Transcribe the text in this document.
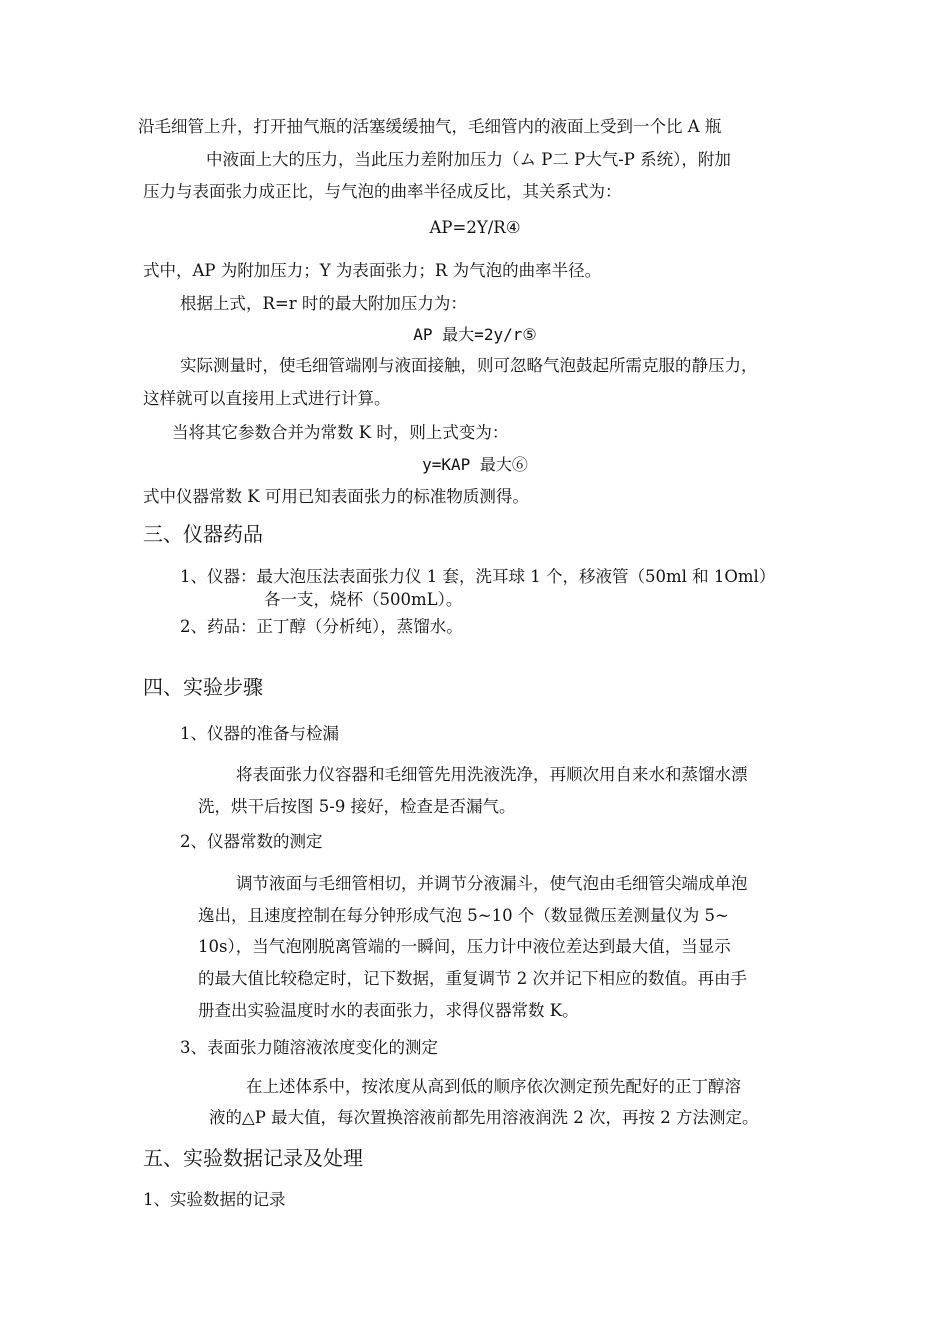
沿毛细管上升，打开抽气瓶的活塞缓缓抽气，毛细管内的液面上受到一个比 A 瓶
中液面上大的压力，当此压力差附加压力（ム P二 P大气-P 系统），附加
压力与表面张力成正比，与气泡的曲率半径成反比，其关系式为：
AP=2Y/R④
式中，AP 为附加压力；Y 为表面张力；R 为气泡的曲率半径。
根据上式，R=r 时的最大附加压力为：
AP 最大=2y/r⑤
实际测量时，使毛细管端刚与液面接触，则可忽略气泡鼓起所需克服的静压力，
这样就可以直接用上式进行计算。
当将其它参数合并为常数 K 时，则上式变为：
y=KAP 最大⑥
式中仪器常数 K 可用已知表面张力的标准物质测得。
三、仪器药品
1、仪器：最大泡压法表面张力仪 1 套，洗耳球 1 个，移液管（50ml 和 1Oml）
各一支，烧杯（500mL）。
2、药品：正丁醇（分析纯），蒸馏水。
四、实验步骤
1、仪器的准备与检漏
将表面张力仪容器和毛细管先用洗液洗净，再顺次用自来水和蒸馏水漂
洗，烘干后按图 5-9 接好，检查是否漏气。
2、仪器常数的测定
调节液面与毛细管相切，并调节分液漏斗，使气泡由毛细管尖端成单泡
逸出，且速度控制在每分钟形成气泡 5~10 个（数显微压差测量仪为 5~
10s），当气泡刚脱离管端的一瞬间，压力计中液位差达到最大值，当显示
的最大值比较稳定时，记下数据，重复调节 2 次并记下相应的数值。再由手
册查出实验温度时水的表面张力，求得仪器常数 K。
3、表面张力随溶液浓度变化的测定
在上述体系中，按浓度从高到低的顺序依次测定预先配好的正丁醇溶
液的△P 最大值，每次置换溶液前都先用溶液润洗 2 次，再按 2 方法测定。
五、实验数据记录及处理
1、实验数据的记录
